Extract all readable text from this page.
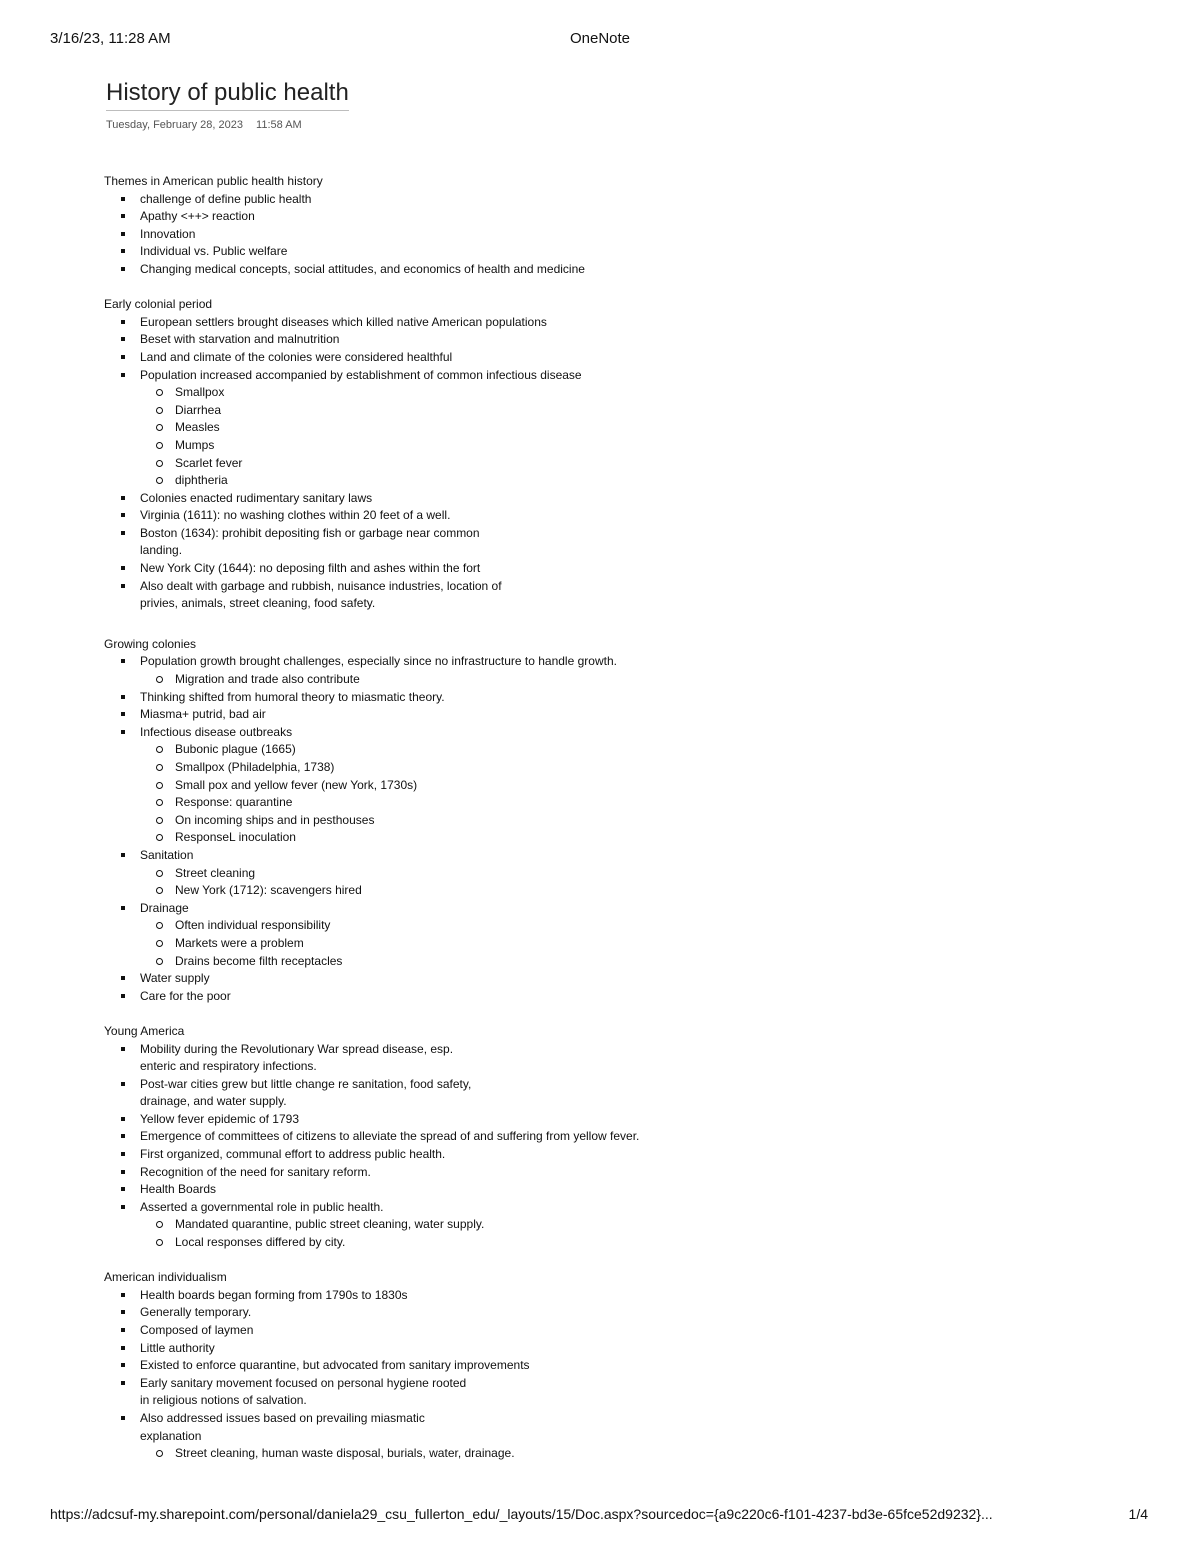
3/16/23, 11:28 AM	OneNote
History of public health
Tuesday, February 28, 2023 11:58 AM

Themes in American public health history

challenge of define public health
Apathy <++> reaction
Innovation
Individual vs. Public welfare
Changing medical concepts, social attitudes, and economics of health and medicine

Early colonial period

European settlers brought diseases which killed native American populations
Beset with starvation and malnutrition
Land and climate of the colonies were considered healthful
Population increased accompanied by establishment of common infectious disease
Smallpox
Diarrhea
Measles
Mumps
Scarlet fever
diphtheria
Colonies enacted rudimentary sanitary laws
Virginia (1611): no washing clothes within 20 feet of a well.
Boston (1634): prohibit depositing fish or garbage near common landing.
New York City (1644): no deposing filth and ashes within the fort
Also dealt with garbage and rubbish, nuisance industries, location of privies, animals, street cleaning, food safety.

Growing colonies

Population growth brought challenges, especially since no infrastructure to handle growth.
Migration and trade also contribute
Thinking shifted from humoral theory to miasmatic theory.
Miasma+ putrid, bad air
Infectious disease outbreaks
Bubonic plague (1665)
Smallpox (Philadelphia, 1738)
Small pox and yellow fever (new York, 1730s)
Response: quarantine
On incoming ships and in pesthouses
ResponseL inoculation
Sanitation
Street cleaning
New York (1712): scavengers hired
Drainage
Often individual responsibility
Markets were a problem
Drains become filth receptacles
Water supply
Care for the poor

Young America

Mobility during the Revolutionary War spread disease, esp. enteric and respiratory infections.
Post-war cities grew but little change re sanitation, food safety, drainage, and water supply.
Yellow fever epidemic of 1793
Emergence of committees of citizens to alleviate the spread of and suffering from yellow fever.
First organized, communal effort to address public health.
Recognition of the need for sanitary reform.
Health Boards
Asserted a governmental role in public health.
Mandated quarantine, public street cleaning, water supply.
Local responses differed by city.

American individualism

Health boards began forming from 1790s to 1830s
Generally temporary.
Composed of laymen
Little authority
Existed to enforce quarantine, but advocated from sanitary improvements
Early sanitary movement focused on personal hygiene rooted in religious notions of salvation.
Also addressed issues based on prevailing miasmatic explanation
Street cleaning, human waste disposal, burials, water, drainage.
https://adcsuf-my.sharepoint.com/personal/daniela29_csu_fullerton_edu/_layouts/15/Doc.aspx?sourcedoc={a9c220c6-f101-4237-bd3e-65fce52d9232}...	1/4
